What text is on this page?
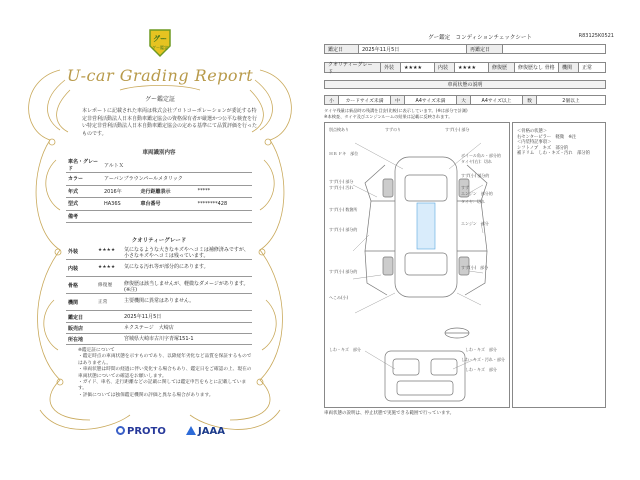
グー
グー鑑定
U-car Grading Report
グー鑑定証
本レポートに記載された車両は株式会社プロトコーポレーションが委託する特定非営利活動法人日本自動車鑑定協会の資格保有者が厳選かつ公平な検査を行い特定非営利活動法人日本自動車鑑定協会の定める基準にて品質評価を行ったものです。
車両識別内容
車名・グレード	アルトＸ		
カラー	アーバンブラウンパールメタリック		
年式	2016年	走行距離表示	*****
型式	HA36S	車台番号	********428
備考			
クオリティーグレード
外装	★★★★ 気になるような大きなキズやヘコミは補修済みですが、小さなキズやヘコミは残っています。
内装	★★★★ 気になる汚れ等が部分的にあります。
骨格	修復歴 修復歴は該当しませんが、軽微なダメージがあります。(※注)
機関	正常	主要機関に異常はありません。
鑑定日	2025年11月5日
販売店	ネクステージ　大崎店
所在地	宮城県大崎市古川字青塚151-1
※鑑定証について
・鑑定時点の車両状態を示すものであり、以降経年劣化など品質を保証するものではありません。
・車両状態は時間の経過に伴い変化する場合もあり、鑑定日をご確認の上、現在の車両状態についての確認をお願いします。
・ガイド、車名、走行距離などの記載に関しては鑑定申告をもとに記載しています。
・評価については独保鑑定機関の評価と異なる場合があります。
PROTO	JAAA
グー鑑定　コンディションチェックシート	R83125K0521
鑑定日	2025年11月5日	再鑑定日
クオリティーグレード
外装	★★★★	内装	★★★★	修復歴	修復歴なし 骨格	機関	正常
車両状態の説明
小	カードサイズ未満	中	A4サイズ未満	大	A4サイズ以上	数	2個以上
タイヤ残量は新品時の残溝を目安(比較)に表示しています。(※は部分で計測)
※本検査、タイヤ及びエンジンルームの結果は記載に反映されます。
別点検あり	すずのり
ＨＢ Ｆキ　部位
すず(小) 部分
すず(小) 部分
すず(小) 汚れ
ボイール角ル・部分的
タイヤ(右)：切れ
すず(小) 数箇所
すず(小) 部分的
すず
エンジン　部分的
タイヤ：切れ
すず(小) 部分的
エンジン　部分
すず(小) 部分的
すず(小)　部分
へこみ(小)
しわ・キズ　部分	しわ・キズ　部分
しわ・キズ・汚れ・部分
しわ・キズ　部分
＜骨格の状態＞
右センターピラー　軽微　※注
＜内装特記事項＞
シフトノブ　キズ　部分的
補ドリム　しわ・キズ・汚れ　部分的
車両状態の説明は、停止状態で実施できる範囲で行っています。
